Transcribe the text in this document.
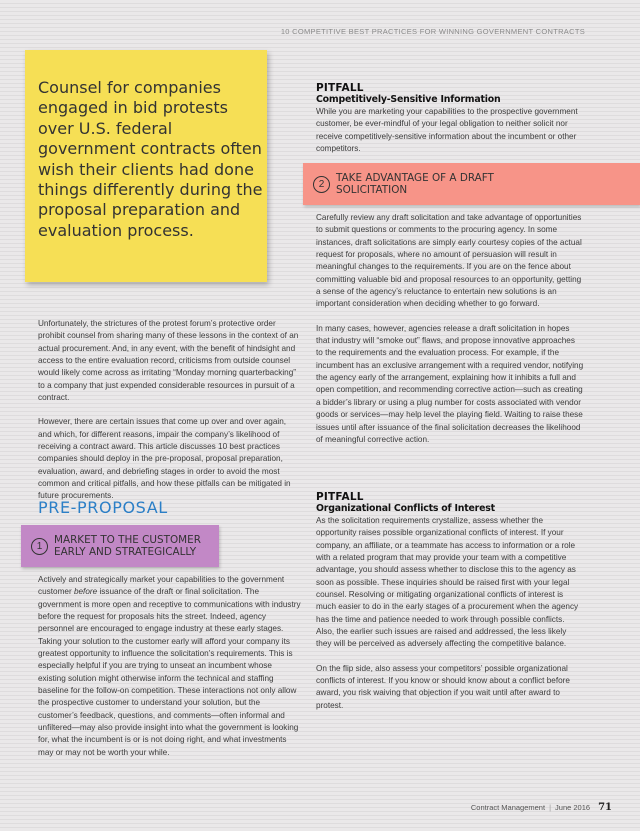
10 COMPETITIVE BEST PRACTICES FOR WINNING GOVERNMENT CONTRACTS
Counsel for companies engaged in bid protests over U.S. federal government contracts often wish their clients had done things differently during the proposal preparation and evaluation process.

Unfortunately, the strictures of the protest forum’s protective order prohibit counsel from sharing many of these lessons in the context of an actual procurement. And, in any event, with the benefit of hindsight and access to the entire evaluation record, criticisms from outside counsel would likely come across as irritating “Monday morning quarterbacking” to a company that just expended considerable resources in pursuit of a contract.

However, there are certain issues that come up over and over again, and which, for different reasons, impair the company’s likelihood of receiving a contract award. This article discusses 10 best practices companies should deploy in the pre-proposal, proposal preparation, evaluation, award, and debriefing stages in order to avoid the most common and critical pitfalls, and how these pitfalls can be mitigated in future procurements.

PRE-PROPOSAL
1	MARKET TO THE CUSTOMER
EARLY AND STRATEGICALLY

Actively and strategically market your capabilities to the government customer before issuance of the draft or final solicitation. The government is more open and receptive to communications with industry before the request for proposals hits the street. Indeed, agency personnel are encouraged to engage industry at these early stages. Taking your solution to the customer early will afford your company its greatest opportunity to influence the solicitation’s requirements. This is especially helpful if you are trying to unseat an incumbent whose existing solution might otherwise inform the technical and staffing baseline for the follow-on competition. These interactions not only allow the prospective customer to understand your solution, but the customer’s feedback, questions, and comments—often informal and unfiltered—may also provide insight into what the government is looking for, what the incumbent is or is not doing right, and what investments may or may not be worth your while.

PITFALL
Competitively-Sensitive Information

While you are marketing your capabilities to the prospective government customer, be ever-mindful of your legal obligation to neither solicit nor receive competitively-sensitive information about the incumbent or other competitors.

2	TAKE ADVANTAGE OF A DRAFT
SOLICITATION

Carefully review any draft solicitation and take advantage of opportunities to submit questions or comments to the procuring agency. In some instances, draft solicitations are simply early courtesy copies of the actual request for proposals, where no amount of persuasion will result in meaningful changes to the requirements. If you are on the fence about committing valuable bid and proposal resources to an opportunity, getting a sense of the agency’s reluctance to entertain new solutions is an important consideration when deciding whether to go forward.

In many cases, however, agencies release a draft solicitation in hopes that industry will “smoke out” flaws, and propose innovative approaches to the requirements and the evaluation process. For example, if the incumbent has an exclusive arrangement with a required vendor, notifying the agency early of the arrangement, explaining how it inhibits a full and open competition, and recommending corrective action—such as creating a bidder’s library or using a plug number for costs associated with vendor goods or services—may help level the playing field. Waiting to raise these issues until after issuance of the final solicitation decreases the likelihood of meaningful corrective action.

PITFALL
Organizational Conflicts of Interest

As the solicitation requirements crystallize, assess whether the opportunity raises possible organizational conflicts of interest. If your company, an affiliate, or a teammate has access to information or a role with a related program that may provide your team with a competitive advantage, you should assess whether to disclose this to the agency as soon as possible. These inquiries should be raised first with your legal counsel. Resolving or mitigating organizational conflicts of interest is much easier to do in the early stages of a procurement when the agency has the time and patience needed to work through possible conflicts. Also, the earlier such issues are raised and addressed, the less likely they will be perceived as adversely affecting the competitive balance.

On the flip side, also assess your competitors’ possible organizational conflicts of interest. If you know or should know about a conflict before award, you risk waiving that objection if you wait until after award to protest.

Contract Management | June 2016 71
